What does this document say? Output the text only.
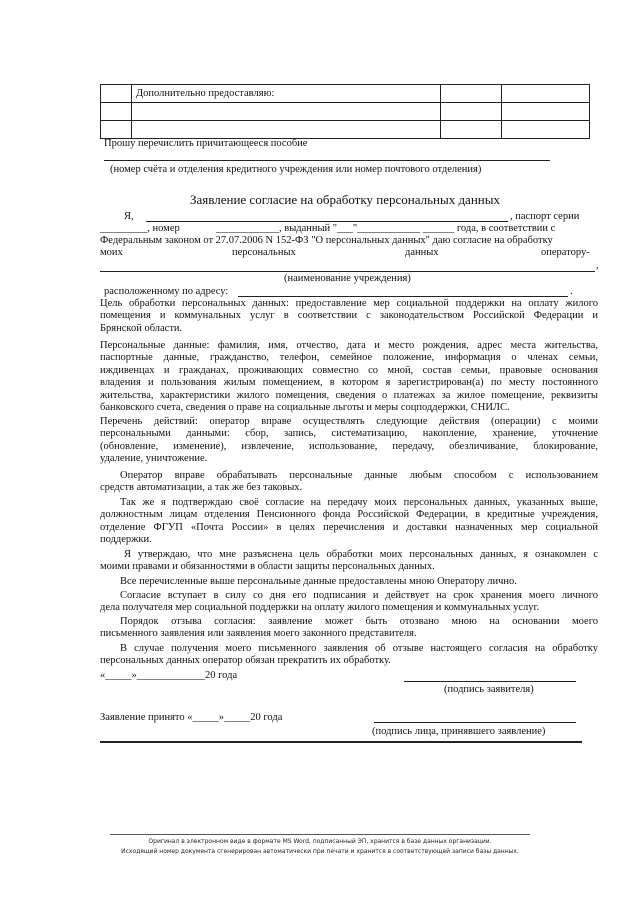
	Дополнительно предоставляю:		

Прошу перечислить причитающееся пособие
(номер счёта и отделения кредитного учреждения или номер почтового отделения)
Заявление согласие на обработку персональных данных
Я,	, паспорт серии
_________, номер	____________, выданный "___"____________ ______ года, в соответствии с
Федеральным законом от 27.07.2006 N 152-ФЗ "О персональных данных" даю согласие на обработку
моих	персональных	данных	оператору-
,
(наименование учреждения)
расположенному по адресу:	.
Цель обработки персональных данных: предоставление мер социальной поддержки на оплату жилого
помещения и коммунальных услуг в соответствии с законодательством Российской Федерации и
Брянской области.
Персональные данные: фамилия, имя, отчество, дата и место рождения, адрес места жительства,
паспортные данные, гражданство, телефон, семейное положение, информация о членах семьи,
иждивенцах и гражданах, проживающих совместно со мной, состав семьи, правовые основания
владения и пользования жилым помещением, в котором я зарегистрирован(а) по месту постоянного
жительства, характеристики жилого помещения, сведения о платежах за жилое помещение, реквизиты
банковского счета, сведения о праве на социальные льготы и меры соцподдержки, СНИЛС.
Перечень действий: оператор вправе осуществлять следующие действия (операции) с моими
персональными данными: сбор, запись, систематизацию, накопление, хранение, уточнение
(обновление, изменение), извлечение, использование, передачу, обезличивание, блокирование,
удаление, уничтожение.
Оператор вправе обрабатывать персональные данные любым способом с использованием
средств автоматизации, а так же без таковых.
Так же я подтверждаю своё согласие на передачу моих персональных данных, указанных выше,
должностным лицам отделения Пенсионного фонда Российской Федерации, в кредитные учреждения,
отделение ФГУП «Почта России» в целях перечисления и доставки назначенных мер социальной
поддержки.
Я утверждаю, что мне разъяснена цель обработки моих персональных данных, я ознакомлен с
моими правами и обязанностями в области защиты персональных данных.
Все перечисленные выше персональные данные предоставлены мною Оператору лично.
Согласие вступает в силу со дня его подписания и действует на срок хранения моего личного
дела получателя мер социальной поддержки на оплату жилого помещения и коммунальных услуг.
Порядок отзыва согласия: заявление может быть отозвано мною на основании моего
письменного заявления или заявления моего законного представителя.
В случае получения моего письменного заявления об отзыве настоящего согласия на обработку
персональных данных оператор обязан прекратить их обработку.
«_____»_____________20 года
(подпись заявителя)
Заявление принято «_____»_____20 года
(подпись лица, принявшего заявление)
Оригинал в электронном виде в формате MS Word, подписанный ЭП, хранится в базе данных организации.
Исходящий номер документа сгенерирован автоматически при печати и хранится в соответствующей записи базы данных.
